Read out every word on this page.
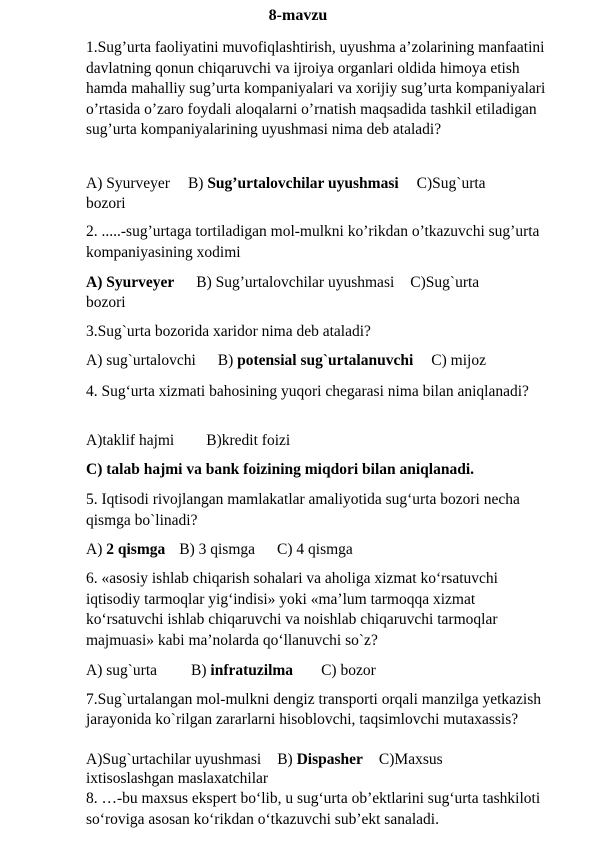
8-mavzu
1.Sug’urta faoliyatini muvofiqlashtirish, uyushma a’zolarining manfaatini davlatning qonun chiqaruvchi va ijroiya organlari oldida himoya etish hamda mahalliy sug’urta kompaniyalari va xorijiy sug’urta kompaniyalari o’rtasida o’zaro foydali aloqalarni o’rnatish maqsadida tashkil etiladigan sug’urta kompaniyalarining uyushmasi nima deb ataladi?
A) Syurveyer B) Sug’urtalovchilar uyushmasi C)Sug`urta
bozori
2. .....-sug’urtaga tortiladigan mol-mulkni ko’rikdan o’tkazuvchi sug’urta kompaniyasining xodimi
A) Syurveyer B) Sug’urtalovchilar uyushmasi C)Sug`urta
bozori
3.Sug`urta bozorida xaridor nima deb ataladi?
A) sug`urtalovchi B) potensial sug`urtalanuvchi C) mijoz
4. Sug‘urta xizmati bahosining yuqori chegarasi nima bilan aniqlanadi?
A)taklif hajmi B)kredit foizi
C) talab hajmi va bank foizining miqdori bilan aniqlanadi.
5. Iqtisodi rivojlangan mamlakatlar amaliyotida sug‘urta bozori necha qismga bo`linadi?
A) 2 qismga B) 3 qismga C) 4 qismga
6. «asosiy ishlab chiqarish sohalari va aholiga xizmat ko‘rsatuvchi iqtisodiy tarmoqlar yig‘indisi» yoki «ma’lum tarmoqqa xizmat ko‘rsatuvchi ishlab chiqaruvchi va noishlab chiqaruvchi tarmoqlar majmuasi» kabi ma’nolarda qo‘llanuvchi so`z?
A) sug`urta B) infratuzilma C) bozor
7.Sug`urtalangan mol-mulkni dengiz transporti orqali manzilga yetkazish jarayonida ko`rilgan zararlarni hisoblovchi, taqsimlovchi mutaxassis?
A)Sug`urtachilar uyushmasi B) Dispasher C)Maxsus
ixtisoslashgan maslaxatchilar
8. …-bu maxsus ekspert bo‘lib, u sug‘urta ob’ektlarini sug‘urta tashkiloti so‘roviga asosan ko‘rikdan o‘tkazuvchi sub’ekt sanaladi.
